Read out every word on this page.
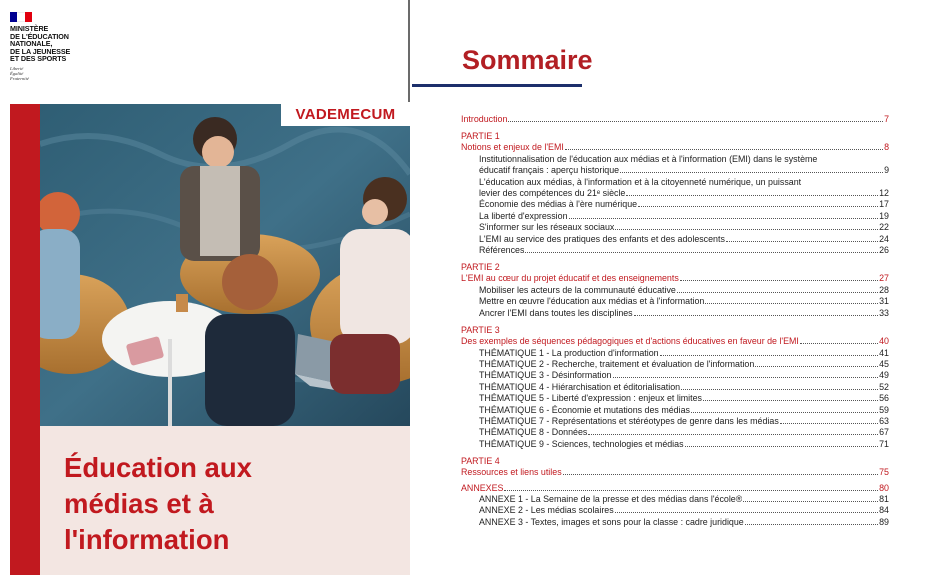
MINISTÈRE
DE L'ÉDUCATION
NATIONALE,
DE LA JEUNESSE
ET DES SPORTS
Liberté
Égalité
Fraternité
VADEMECUM
Éducation aux
médias et à
l'information
Sommaire
Introduction	7
PARTIE 1
Notions et enjeux de l'EMI	8
Institutionnalisation de l'éducation aux médias et à l'information (EMI) dans le système
éducatif français : aperçu historique	9
L'éducation aux médias, à l'information et à la citoyenneté numérique, un puissant
levier des compétences du 21ᵉ siècle	12
Économie des médias à l'ère numérique	17
La liberté d'expression	19
S'informer sur les réseaux sociaux	22
L'EMI au service des pratiques des enfants et des adolescents	24
Références	26
PARTIE 2
L'EMI au cœur du projet éducatif et des enseignements	27
Mobiliser les acteurs de la communauté éducative	28
Mettre en œuvre l'éducation aux médias et à l'information	31
Ancrer l'EMI dans toutes les disciplines	33
PARTIE 3
Des exemples de séquences pédagogiques et d'actions éducatives en faveur de l'EMI	40
THÉMATIQUE 1 - La production d'information	41
THÉMATIQUE 2 - Recherche, traitement et évaluation de l'information	45
THÉMATIQUE 3 - Désinformation	49
THÉMATIQUE 4 - Hiérarchisation et éditorialisation	52
THÉMATIQUE 5 - Liberté d'expression : enjeux et limites	56
THÉMATIQUE 6 - Économie et mutations des médias	59
THÉMATIQUE 7 - Représentations et stéréotypes de genre dans les médias	63
THÉMATIQUE 8 - Données	67
THÉMATIQUE 9 - Sciences, technologies et médias	71
PARTIE 4
Ressources et liens utiles	75
ANNEXES	80
ANNEXE 1 - La Semaine de la presse et des médias dans l'école®	81
ANNEXE 2 - Les médias scolaires	84
ANNEXE 3 - Textes, images et sons pour la classe : cadre juridique	89
